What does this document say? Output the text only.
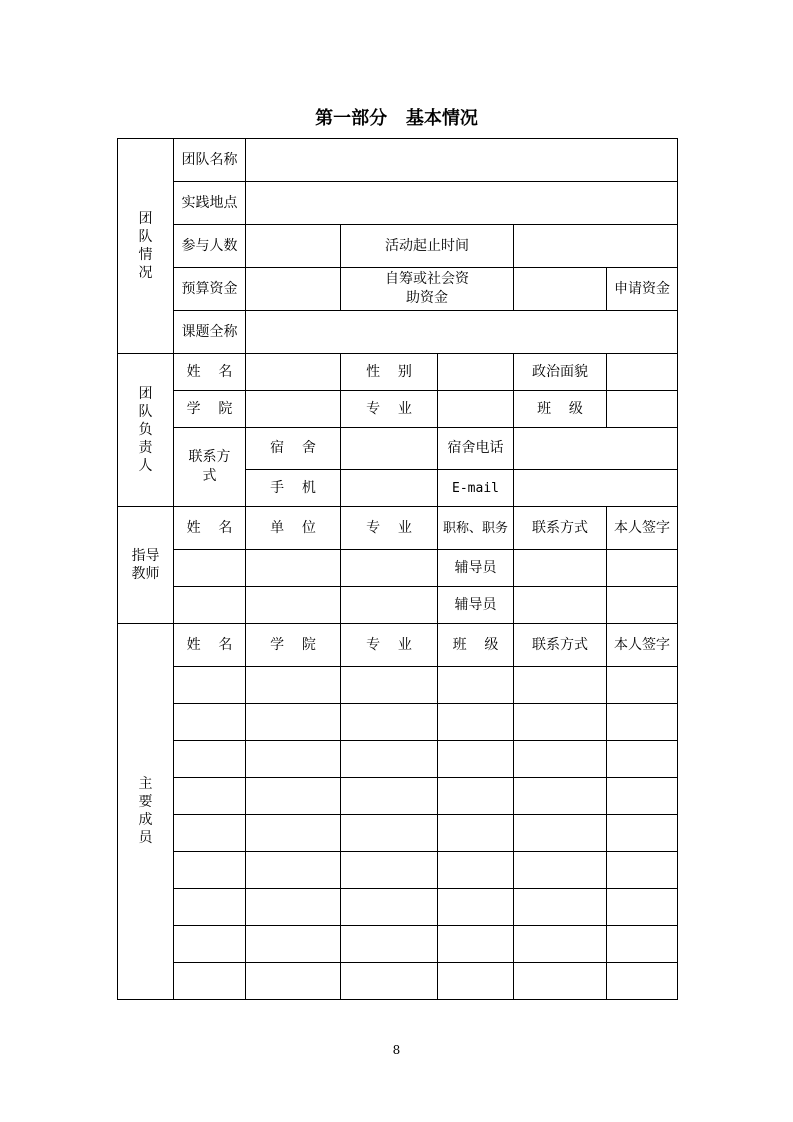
第一部分   基本情况
团队情况	团队名称						
	实践地点						
	参与人数		活动起止时间				
	预算资金		自筹或社会资助资金			申请资金	
	课题全称						
团队负责人	姓    名		性    别		政治面貌		
	学    院		专    业		班    级		
	联系方式	宿    舍		宿舍电话			
		手    机		E-mail			
指导教师	姓    名	单    位	专    业	职称、职务	联系方式	本人签字	
				辅导员			
				辅导员			
主要成员	姓    名	学    院	专    业	班    级	联系方式	本人签字	

8
